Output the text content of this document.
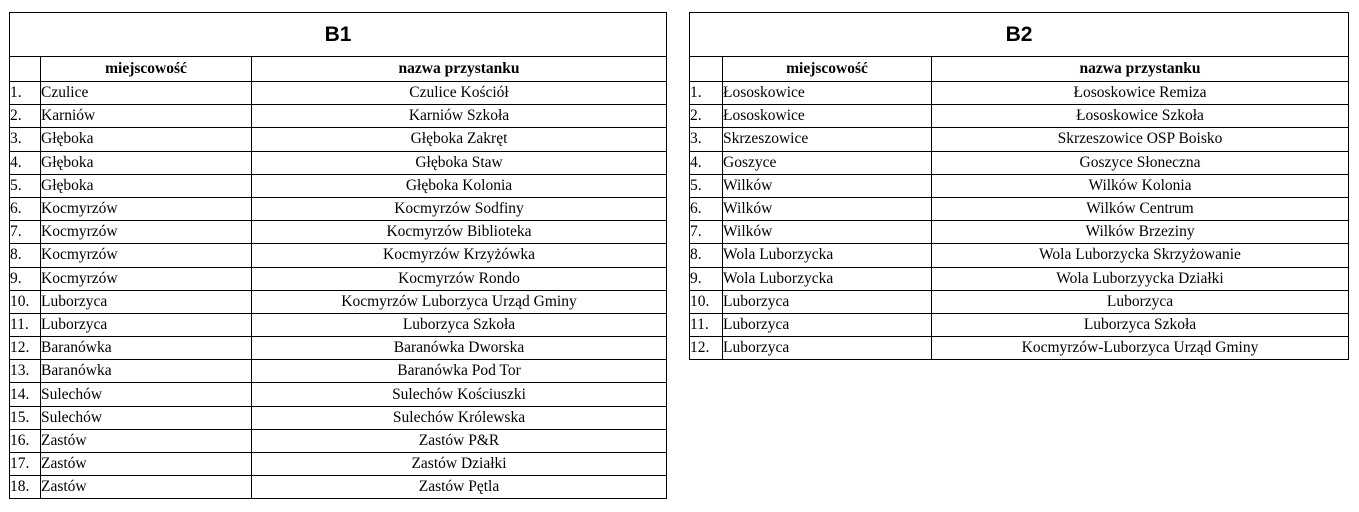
B1		
	miejscowość	nazwa przystanku
1.	Czulice	Czulice Kościół
2.	Karniów	Karniów Szkoła
3.	Głęboka	Głęboka Zakręt
4.	Głęboka	Głęboka Staw
5.	Głęboka	Głęboka Kolonia
6.	Kocmyrzów	Kocmyrzów Sodfiny
7.	Kocmyrzów	Kocmyrzów Biblioteka
8.	Kocmyrzów	Kocmyrzów Krzyżówka
9.	Kocmyrzów	Kocmyrzów Rondo
10.	Luborzyca	Kocmyrzów Luborzyca Urząd Gminy
11.	Luborzyca	Luborzyca Szkoła
12.	Baranówka	Baranówka Dworska
13.	Baranówka	Baranówka Pod Tor
14.	Sulechów	Sulechów Kościuszki
15.	Sulechów	Sulechów Królewska
16.	Zastów	Zastów P&R
17.	Zastów	Zastów Działki
18.	Zastów	Zastów Pętla
B2		
	miejscowość	nazwa przystanku
1.	Łososkowice	Łososkowice Remiza
2.	Łososkowice	Łososkowice Szkoła
3.	Skrzeszowice	Skrzeszowice OSP Boisko
4.	Goszyce	Goszyce Słoneczna
5.	Wilków	Wilków Kolonia
6.	Wilków	Wilków Centrum
7.	Wilków	Wilków Brzeziny
8.	Wola Luborzycka	Wola Luborzycka Skrzyżowanie
9.	Wola Luborzycka	Wola Luborzyycka Działki
10.	Luborzyca	Luborzyca
11.	Luborzyca	Luborzyca Szkoła
12.	Luborzyca	Kocmyrzów-Luborzyca Urząd Gminy
